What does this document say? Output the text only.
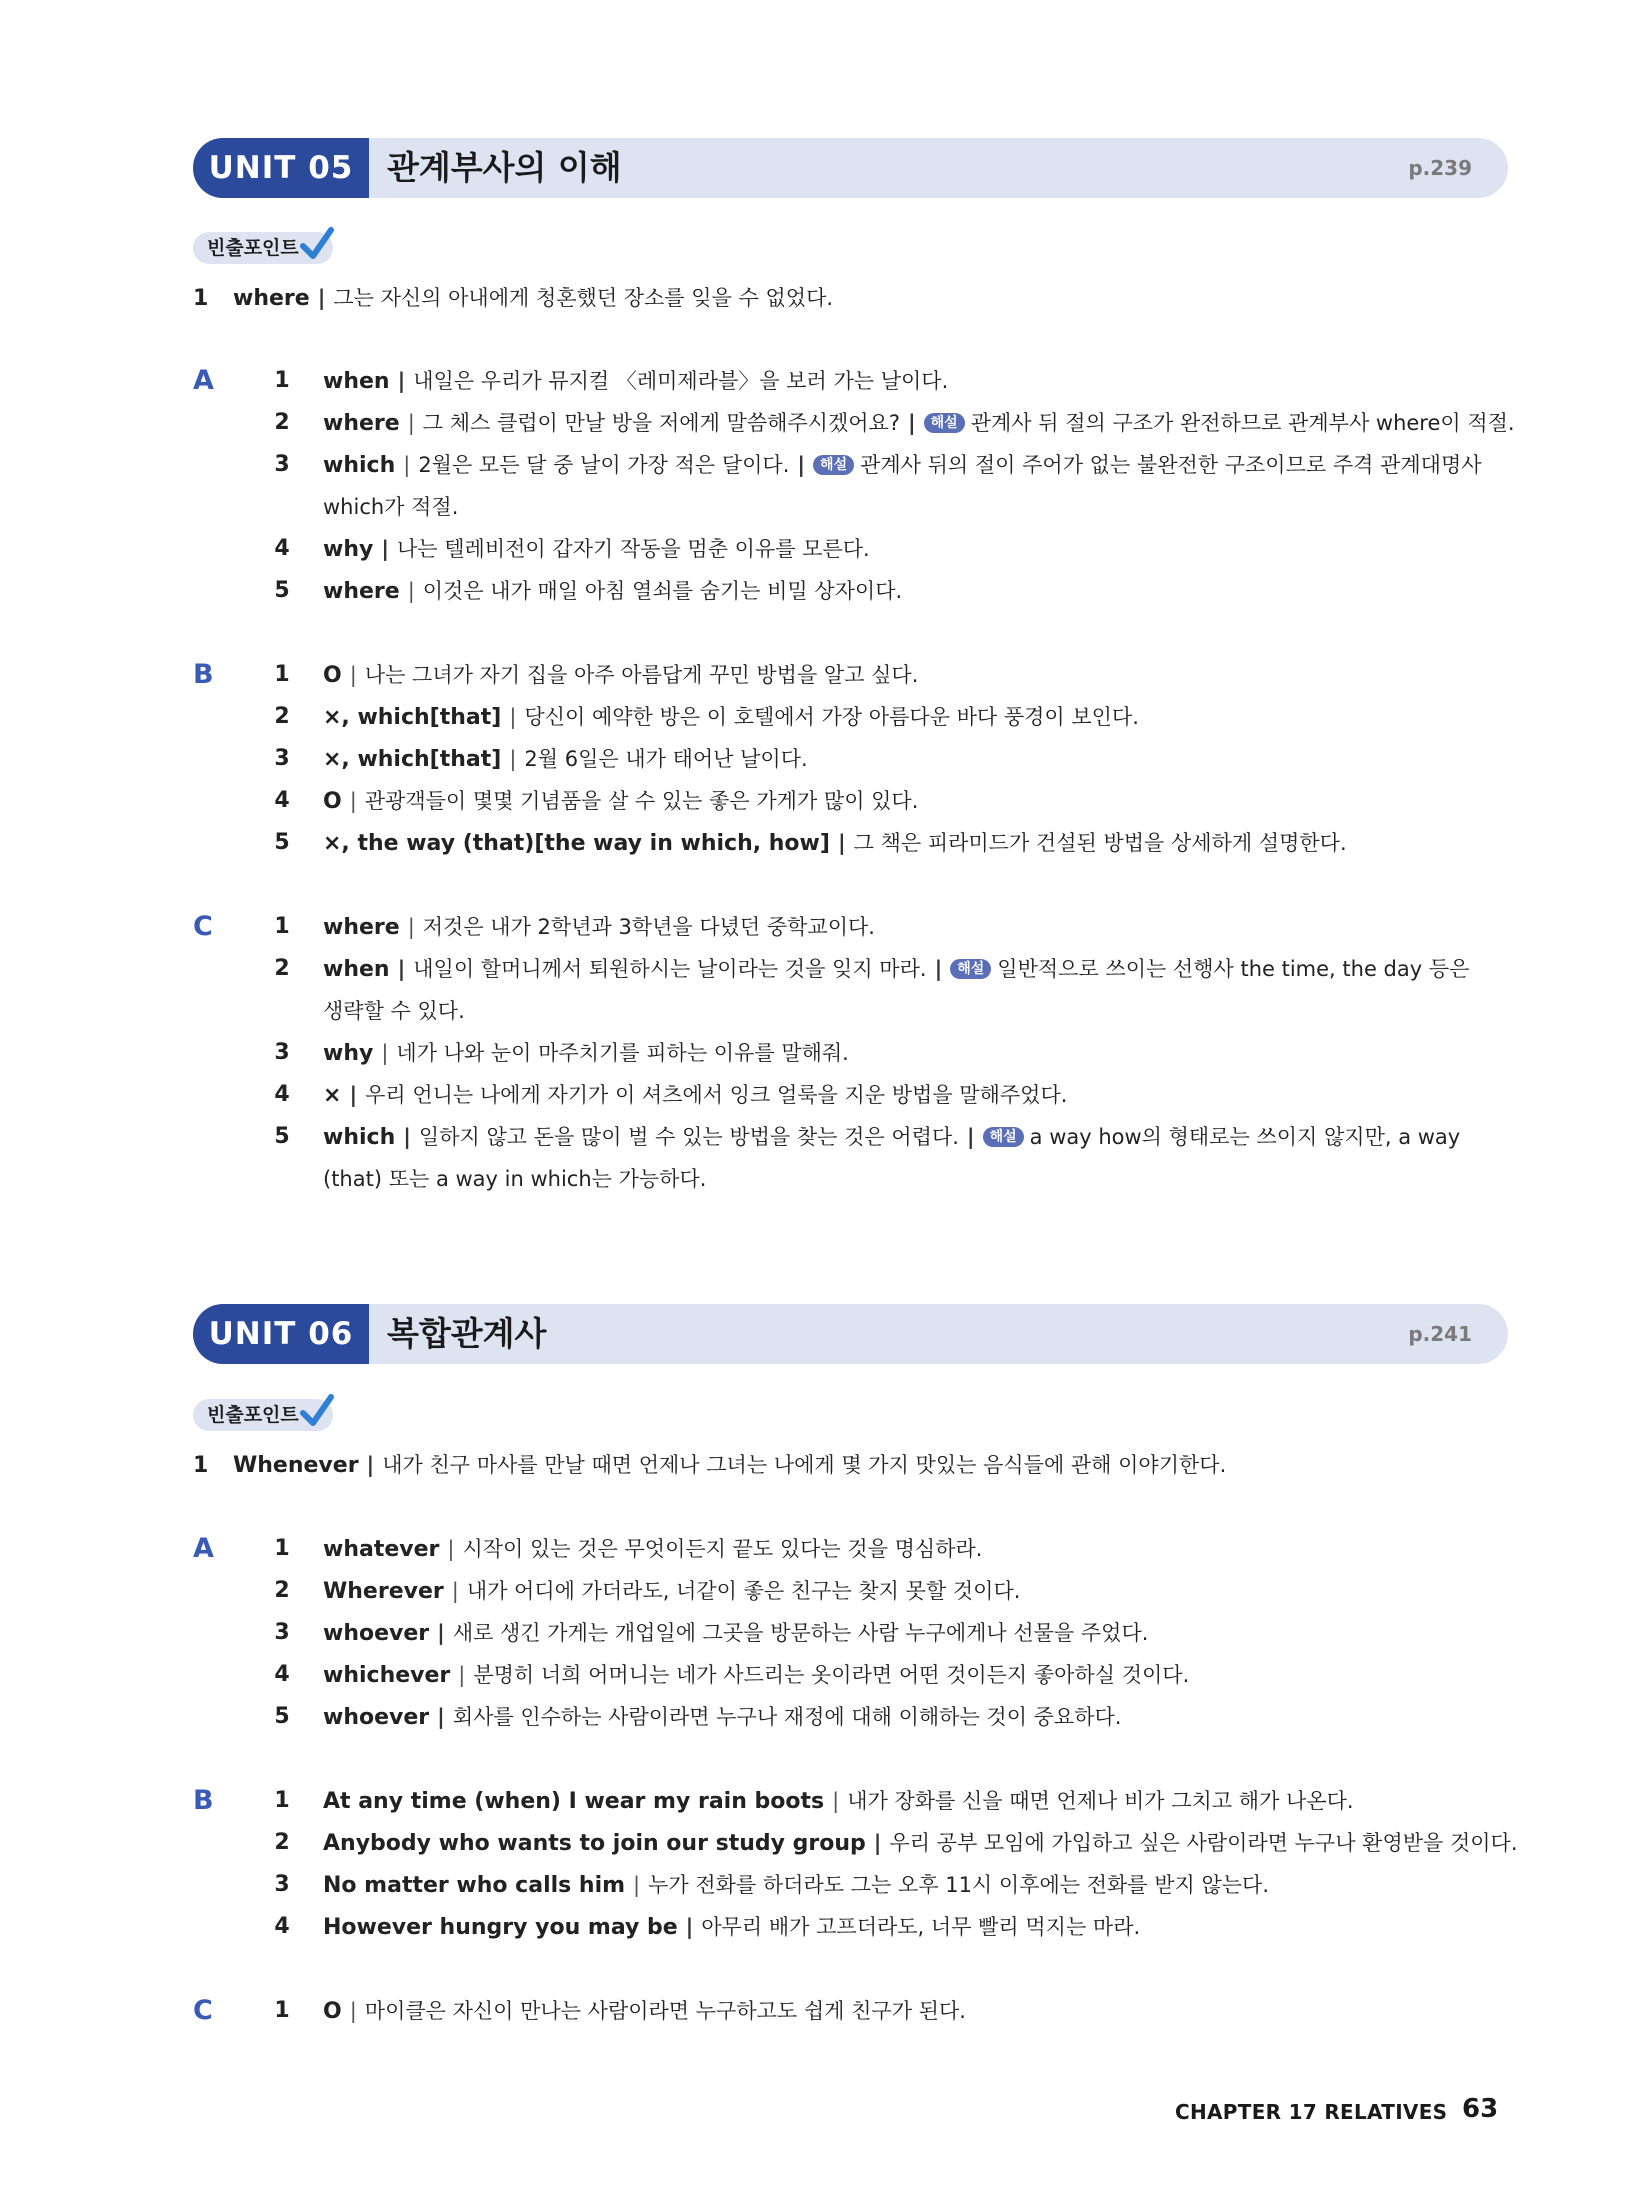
UNIT 05	관계부사의 이해	p.239
빈출포인트
1 where | 그는 자신의 아내에게 청혼했던 장소를 잊을 수 없었다.
A	1 when | 내일은 우리가 뮤지컬 〈레미제라블〉을 보러 가는 날이다.
2 where | 그 체스 클럽이 만날 방을 저에게 말씀해주시겠어요? | 해설 관계사 뒤 절의 구조가 완전하므로 관계부사 where이 적절.
3 which | 2월은 모든 달 중 날이 가장 적은 달이다. | 해설 관계사 뒤의 절이 주어가 없는 불완전한 구조이므로 주격 관계대명사
which가 적절.
4 why | 나는 텔레비전이 갑자기 작동을 멈춘 이유를 모른다.
5 where | 이것은 내가 매일 아침 열쇠를 숨기는 비밀 상자이다.
B	1 O | 나는 그녀가 자기 집을 아주 아름답게 꾸민 방법을 알고 싶다.
2 ×, which[that] | 당신이 예약한 방은 이 호텔에서 가장 아름다운 바다 풍경이 보인다.
3 ×, which[that] | 2월 6일은 내가 태어난 날이다.
4 O | 관광객들이 몇몇 기념품을 살 수 있는 좋은 가게가 많이 있다.
5 ×, the way (that)[the way in which, how] | 그 책은 피라미드가 건설된 방법을 상세하게 설명한다.
C	1 where | 저것은 내가 2학년과 3학년을 다녔던 중학교이다.
2 when | 내일이 할머니께서 퇴원하시는 날이라는 것을 잊지 마라. | 해설 일반적으로 쓰이는 선행사 the time, the day 등은
생략할 수 있다.
3 why | 네가 나와 눈이 마주치기를 피하는 이유를 말해줘.
4 × | 우리 언니는 나에게 자기가 이 셔츠에서 잉크 얼룩을 지운 방법을 말해주었다.
5 which | 일하지 않고 돈을 많이 벌 수 있는 방법을 찾는 것은 어렵다. | 해설 a way how의 형태로는 쓰이지 않지만, a way
(that) 또는 a way in which는 가능하다.
UNIT 06	복합관계사	p.241
빈출포인트
1 Whenever | 내가 친구 마사를 만날 때면 언제나 그녀는 나에게 몇 가지 맛있는 음식들에 관해 이야기한다.
A	1 whatever | 시작이 있는 것은 무엇이든지 끝도 있다는 것을 명심하라.
2 Wherever | 내가 어디에 가더라도, 너같이 좋은 친구는 찾지 못할 것이다.
3 whoever | 새로 생긴 가게는 개업일에 그곳을 방문하는 사람 누구에게나 선물을 주었다.
4 whichever | 분명히 너희 어머니는 네가 사드리는 옷이라면 어떤 것이든지 좋아하실 것이다.
5 whoever | 회사를 인수하는 사람이라면 누구나 재정에 대해 이해하는 것이 중요하다.
B	1 At any time (when) I wear my rain boots | 내가 장화를 신을 때면 언제나 비가 그치고 해가 나온다.
2 Anybody who wants to join our study group | 우리 공부 모임에 가입하고 싶은 사람이라면 누구나 환영받을 것이다.
3 No matter who calls him | 누가 전화를 하더라도 그는 오후 11시 이후에는 전화를 받지 않는다.
4 However hungry you may be | 아무리 배가 고프더라도, 너무 빨리 먹지는 마라.
C	1 O | 마이클은 자신이 만나는 사람이라면 누구하고도 쉽게 친구가 된다.
CHAPTER 17 RELATIVES 63
